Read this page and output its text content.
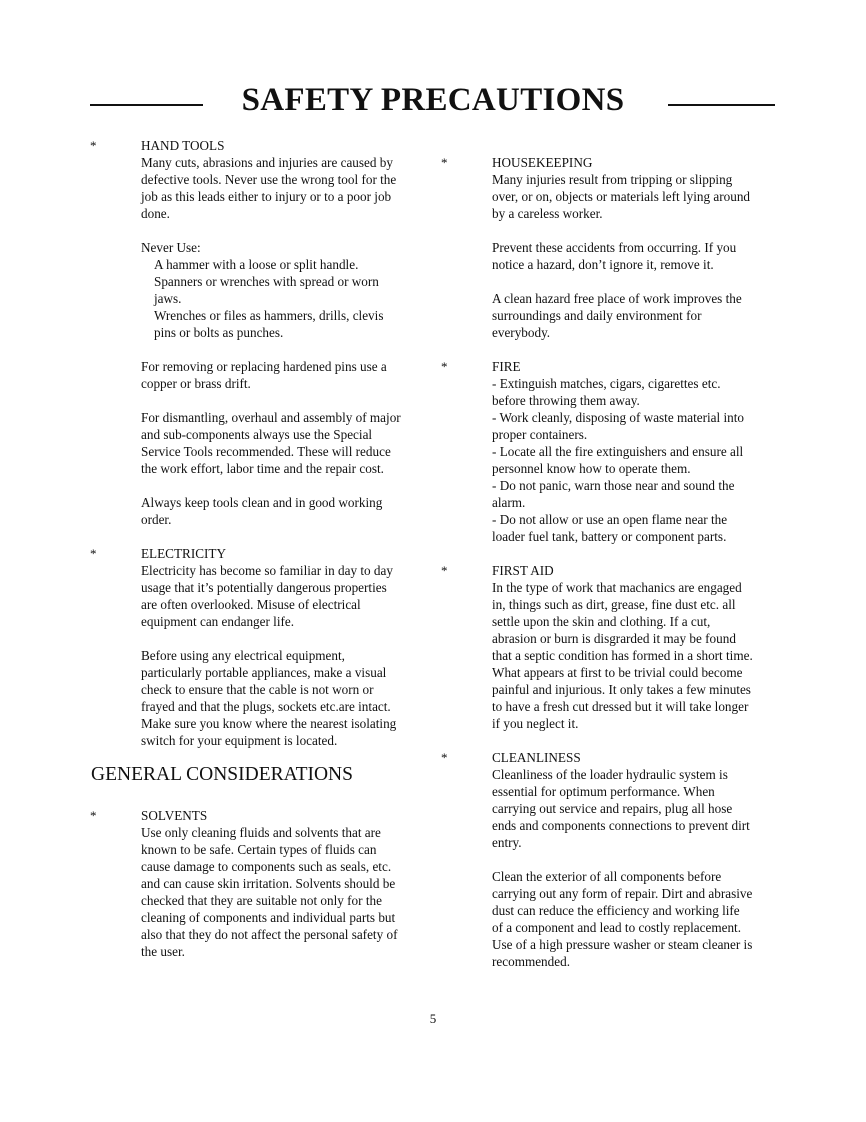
SAFETY PRECAUTIONS
GENERAL CONSIDERATIONS
5
HAND TOOLS
Many cuts, abrasions and injuries are caused by
defective tools. Never use the wrong tool for the
job as this leads either to injury or to a poor job
done.
*
Never Use:
A hammer with a loose or split handle.
Spanners or wrenches with spread or worn
jaws.
Wrenches or files as hammers, drills, clevis
pins or bolts as punches.
For removing or replacing hardened pins use a
copper or brass drift.
For dismantling, overhaul and assembly of major
and sub-components always use the Special
Service Tools recommended. These will reduce
the work effort, labor time and the repair cost.
Always keep tools clean and in good working
order.
ELECTRICITY
Electricity has become so familiar in day to day
usage that it’s potentially dangerous properties
are often overlooked. Misuse of electrical
equipment can endanger life.
*
Before using any electrical equipment,
particularly portable appliances, make a visual
check to ensure that the cable is not worn or
frayed and that the plugs, sockets etc.are intact.
Make sure you know where the nearest isolating
switch for your equipment is located.
SOLVENTS
Use only cleaning fluids and solvents that are
known to be safe. Certain types of fluids can
cause damage to components such as seals, etc.
and can cause skin irritation. Solvents should be
checked that they are suitable not only for the
cleaning of components and individual parts but
also that they do not affect the personal safety of
the user.
*
HOUSEKEEPING
Many injuries result from tripping or slipping
over, or on, objects or materials left lying around
by a careless worker.
*
Prevent these accidents from occurring. If you
notice a hazard, don’t ignore it, remove it.
A clean hazard free place of work improves the
surroundings and daily environment for
everybody.
FIRE
- Extinguish matches, cigars, cigarettes etc.
before throwing them away.
- Work cleanly, disposing of waste material into
proper containers.
- Locate all the fire extinguishers and ensure all
personnel know how to operate them.
- Do not panic, warn those near and sound the
alarm.
- Do not allow or use an open flame near the
loader fuel tank, battery or component parts.
*
FIRST AID
In the type of work that machanics are engaged
in, things such as dirt, grease, fine dust etc. all
settle upon the skin and clothing. If a cut,
abrasion or burn is disgrarded it may be found
that a septic condition has formed in a short time.
What appears at first to be trivial could become
painful and injurious. It only takes a few minutes
to have a fresh cut dressed but it will take longer
if you neglect it.
*
CLEANLINESS
Cleanliness of the loader hydraulic system is
essential for optimum performance. When
carrying out service and repairs, plug all hose
ends and components connections to prevent dirt
entry.
*
Clean the exterior of all components before
carrying out any form of repair. Dirt and abrasive
dust can reduce the efficiency and working life
of a component and lead to costly replacement.
Use of a high pressure washer or steam cleaner is
recommended.
